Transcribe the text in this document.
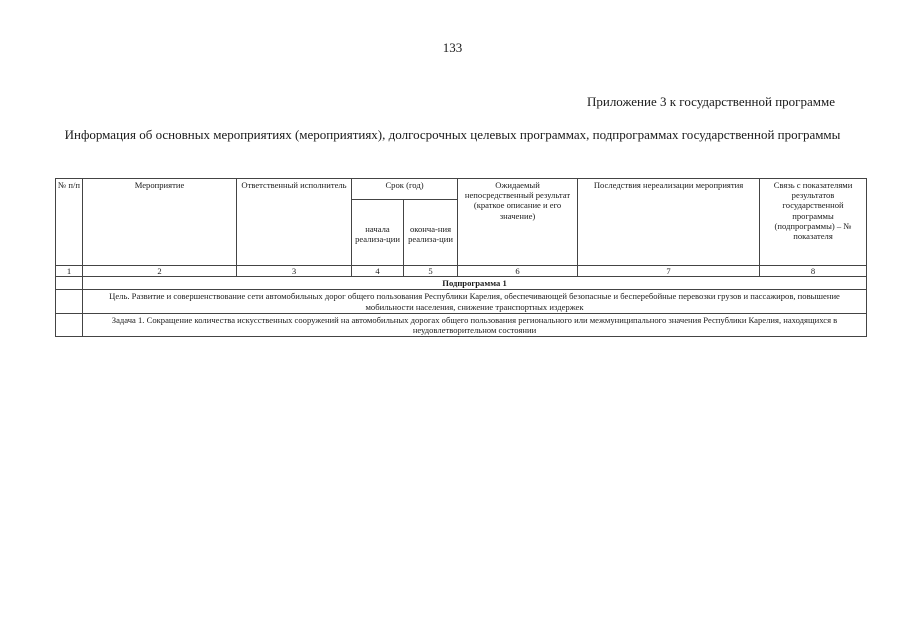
133
Приложение 3 к государственной программе
Информация об основных мероприятиях (мероприятиях), долгосрочных целевых программах, подпрограммах государственной программы
№ п/п	Мероприятие	Ответственный исполнитель	Срок (год)		Ожидаемый непосредственный результат (краткое описание и его значение)	Последствия нереализации мероприятия	Связь с показателями результатов государственной программы (подпрограммы) – № показателя
			начала реализа-ции	оконча-ния реализа-ции			
1	2	3	4	5	6	7	8
	Подпрограмма 1						
	Цель. Развитие и совершенствование сети автомобильных дорог общего пользования Республики Карелия, обеспечивающей безопасные и бесперебойные перевозки грузов и пассажиров, повышение мобильности населения, снижение транспортных издержек						
	Задача 1. Сокращение количества искусственных сооружений на автомобильных дорогах общего пользования регионального или межмуниципального значения Республики Карелия, находящихся в неудовлетворительном состоянии						
